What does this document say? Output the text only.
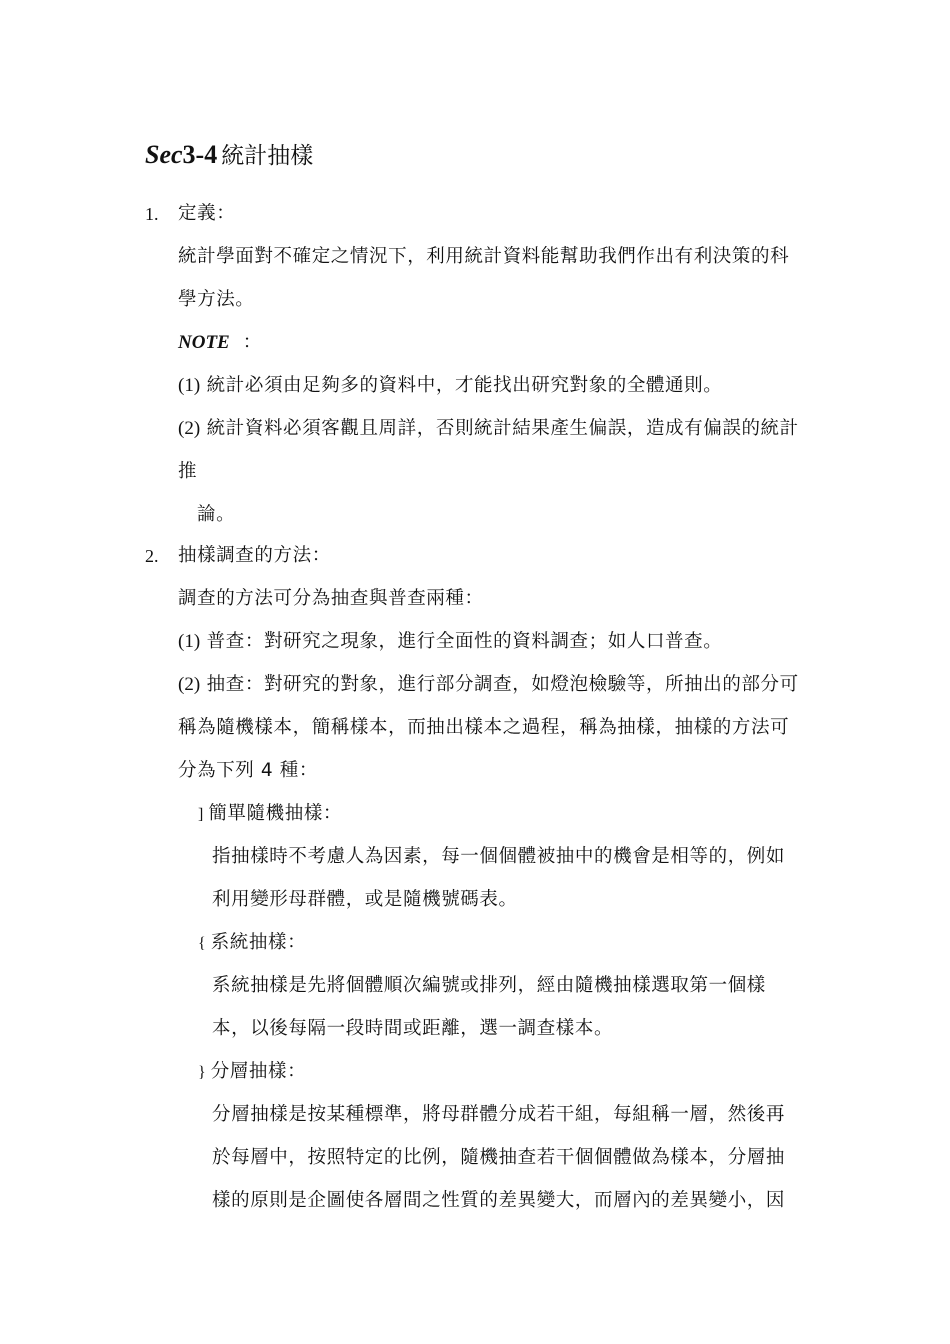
Sec3-4 統計抽樣
1. 定義：
統計學面對不確定之情況下，利用統計資料能幫助我們作出有利決策的科
學方法。
NOTE ：
(1) 統計必須由足夠多的資料中，才能找出研究對象的全體通則。
(2) 統計資料必須客觀且周詳，否則統計結果產生偏誤，造成有偏誤的統計
推
論。
2. 抽樣調查的方法：
調查的方法可分為抽查與普查兩種：
(1) 普查：對研究之現象，進行全面性的資料調查；如人口普查。
(2) 抽查：對研究的對象，進行部分調查，如燈泡檢驗等，所抽出的部分可
稱為隨機樣本，簡稱樣本，而抽出樣本之過程，稱為抽樣，抽樣的方法可
分為下列 4 種：
] 簡單隨機抽樣：
指抽樣時不考慮人為因素，每一個個體被抽中的機會是相等的，例如
利用變形母群體，或是隨機號碼表。
{ 系統抽樣：
系統抽樣是先將個體順次編號或排列，經由隨機抽樣選取第一個樣
本，以後每隔一段時間或距離，選一調查樣本。
} 分層抽樣：
分層抽樣是按某種標準，將母群體分成若干組，每組稱一層，然後再
於每層中，按照特定的比例，隨機抽查若干個個體做為樣本，分層抽
樣的原則是企圖使各層間之性質的差異變大，而層內的差異變小，因
